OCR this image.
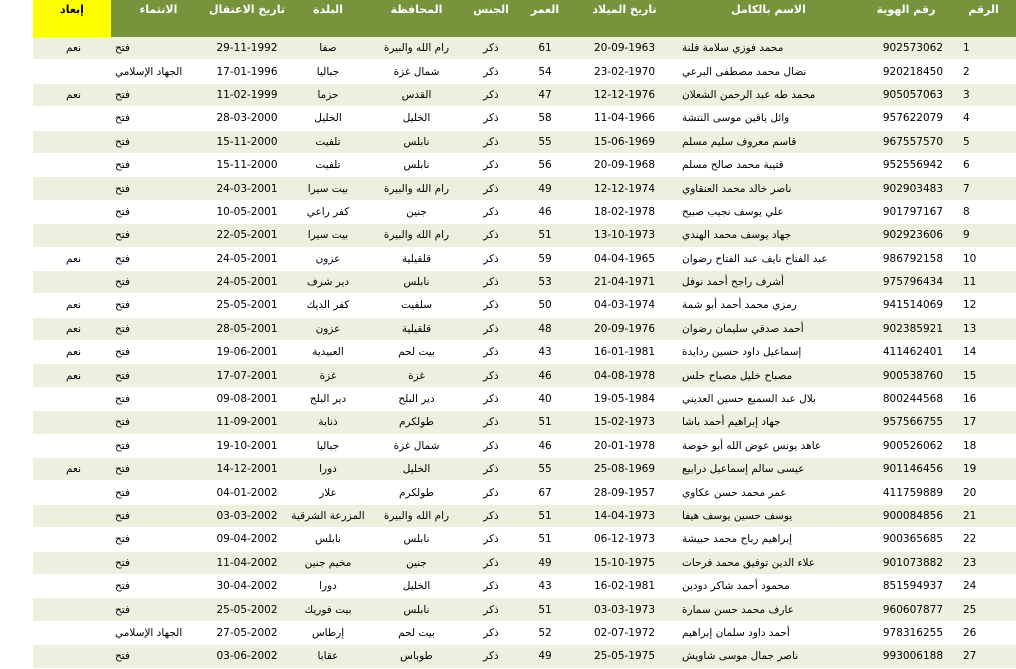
الرقم	رقم الهوية	الاسم بالكامل	تاريخ الميلاد	العمر	الجنس	المحافظة	البلدة	تاريخ الاعتقال	الانتماء	إبعاد
1	902573062	محمد فوزي سلامة فلنة	20-09-1963	61	ذكر	رام الله والبيرة	صفا	29-11-1992	فتح	نعم
2	920218450	نضال محمد مصطفى البرعي	23-02-1970	54	ذكر	شمال غزة	جباليا	17-01-1996	الجهاد الإسلامي	
3	905057063	محمد طه عبد الرحمن الشعلان	12-12-1976	47	ذكر	القدس	حزما	11-02-1999	فتح	نعم
4	957622079	وائل ياقين موسى النتشة	11-04-1966	58	ذكر	الخليل	الخليل	28-03-2000	فتح	
5	967557570	قاسم معروف سليم مسلم	15-06-1969	55	ذكر	نابلس	تلفيت	15-11-2000	فتح	
6	952556942	قتيبة محمد صالح مسلم	20-09-1968	56	ذكر	نابلس	تلفيت	15-11-2000	فتح	
7	902903483	ناصر خالد محمد العنقاوي	12-12-1974	49	ذكر	رام الله والبيرة	بيت سيرا	24-03-2001	فتح	
8	901797167	علي يوسف نجيب صبيح	18-02-1978	46	ذكر	جنين	كفر راعي	10-05-2001	فتح	
9	902923606	جهاد يوسف محمد الهندي	13-10-1973	51	ذكر	رام الله والبيرة	بيت سيرا	22-05-2001	فتح	
10	986792158	عبد الفتاح نايف عبد الفتاح رضوان	04-04-1965	59	ذكر	قلقيلية	عزون	24-05-2001	فتح	نعم
11	975796434	أشرف راجح أحمد نوفل	21-04-1971	53	ذكر	نابلس	دير شرف	24-05-2001	فتح	
12	941514069	رمزي محمد أحمد أبو شمة	04-03-1974	50	ذكر	سلفيت	كفر الديك	25-05-2001	فتح	نعم
13	902385921	أحمد صدقي سليمان رضوان	20-09-1976	48	ذكر	قلقيلية	عزون	28-05-2001	فتح	نعم
14	411462401	إسماعيل داود حسين ردايدة	16-01-1981	43	ذكر	بيت لحم	العبيدية	19-06-2001	فتح	نعم
15	900538760	مصباح خليل مصباح حلس	04-08-1978	46	ذكر	غزة	غزة	17-07-2001	فتح	نعم
16	800244568	بلال عبد السميع حسين العديني	19-05-1984	40	ذكر	دير البلح	دير البلح	09-08-2001	فتح	
17	957566755	جهاد إبراهيم أحمد باشا	15-02-1973	51	ذكر	طولكرم	ذنابة	11-09-2001	فتح	
18	900526062	عاهد يونس عوض الله أبو خوصة	20-01-1978	46	ذكر	شمال غزة	جباليا	19-10-2001	فتح	
19	901146456	عيسى سالم إسماعيل درابيع	25-08-1969	55	ذكر	الخليل	دورا	14-12-2001	فتح	نعم
20	411759889	عمر محمد حسن عكاوي	28-09-1957	67	ذكر	طولكرم	علار	04-01-2002	فتح	
21	900084856	يوسف حسين يوسف هيفا	14-04-1973	51	ذكر	رام الله والبيرة	المزرعة الشرقية	03-03-2002	فتح	
22	900365685	إبراهيم رباح محمد حبيشة	06-12-1973	51	ذكر	نابلس	نابلس	09-04-2002	فتح	
23	901073882	علاء الدين توفيق محمد فرحات	15-10-1975	49	ذكر	جنين	مخيم جنين	11-04-2002	فتح	
24	851594937	محمود أحمد شاكر دودين	16-02-1981	43	ذكر	الخليل	دورا	30-04-2002	فتح	
25	960607877	عارف محمد حسن سمارة	03-03-1973	51	ذكر	نابلس	بيت فوريك	25-05-2002	فتح	
26	978316255	أحمد داود سلمان إبراهيم	02-07-1972	52	ذكر	بيت لحم	إرطاس	27-05-2002	الجهاد الإسلامي	
27	993006188	ناصر جمال موسى شاويش	25-05-1975	49	ذكر	طوباس	عقابا	03-06-2002	فتح	
